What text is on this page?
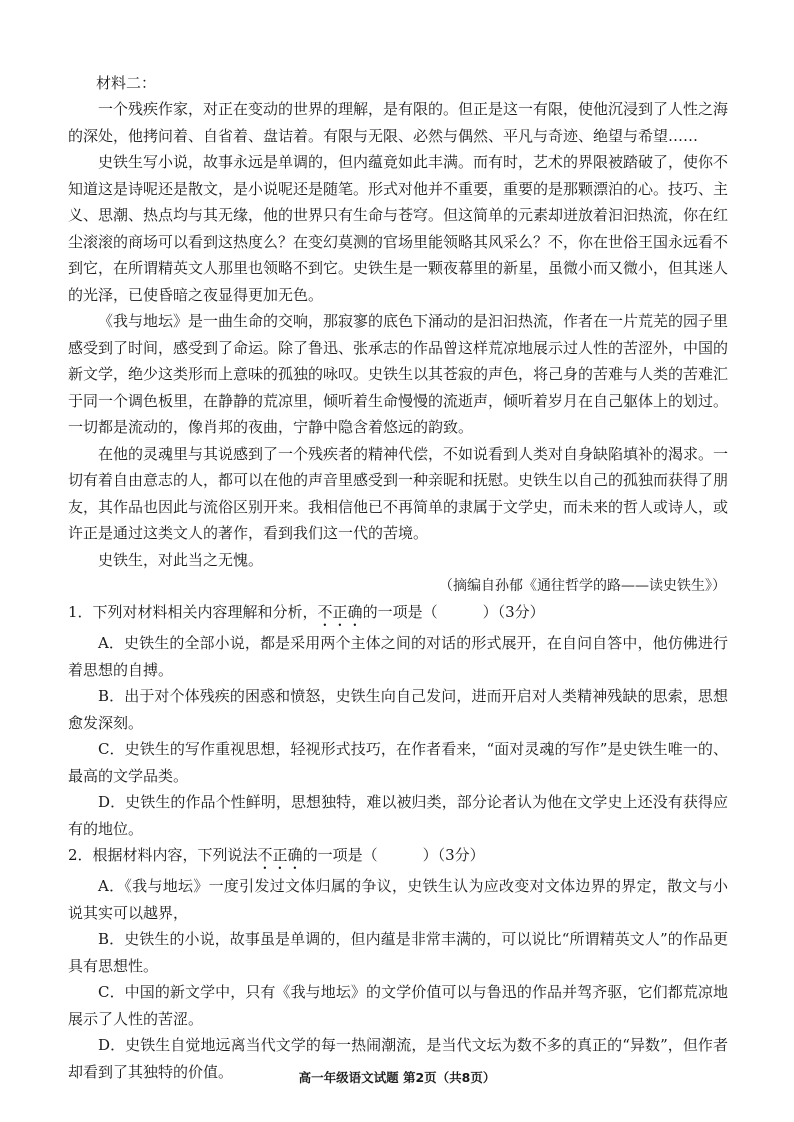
材料二：

一个残疾作家，对正在变动的世界的理解，是有限的。但正是这一有限，使他沉浸到了人性之海的深处，他拷问着、自省着、盘诘着。有限与无限、必然与偶然、平凡与奇迹、绝望与希望……

史铁生写小说，故事永远是单调的，但内蕴竟如此丰满。而有时，艺术的界限被踏破了，使你不知道这是诗呢还是散文，是小说呢还是随笔。形式对他并不重要，重要的是那颗漂泊的心。技巧、主义、思潮、热点均与其无缘，他的世界只有生命与苍穹。但这简单的元素却迸放着汩汩热流，你在红尘滚滚的商场可以看到这热度么？在变幻莫测的官场里能领略其风采么？不，你在世俗王国永远看不到它，在所谓精英文人那里也领略不到它。史铁生是一颗夜幕里的新星，虽微小而又微小，但其迷人的光泽，已使昏暗之夜显得更加无色。

《我与地坛》是一曲生命的交响，那寂寥的底色下涌动的是汩汩热流，作者在一片荒芜的园子里感受到了时间，感受到了命运。除了鲁迅、张承志的作品曾这样荒凉地展示过人性的苦涩外，中国的新文学，绝少这类形而上意味的孤独的咏叹。史铁生以其苍寂的声色，将己身的苦难与人类的苦难汇于同一个调色板里，在静静的荒凉里，倾听着生命慢慢的流逝声，倾听着岁月在自己躯体上的划过。一切都是流动的，像肖邦的夜曲，宁静中隐含着悠远的韵致。

在他的灵魂里与其说感到了一个残疾者的精神代偿，不如说看到人类对自身缺陷填补的渴求。一切有着自由意志的人，都可以在他的声音里感受到一种亲昵和抚慰。史铁生以自己的孤独而获得了朋友，其作品也因此与流俗区别开来。我相信他已不再简单的隶属于文学史，而未来的哲人或诗人，或许正是通过这类文人的著作，看到我们这一代的苦境。

史铁生，对此当之无愧。

（摘编自孙郁《通往哲学的路——读史铁生》）

1．下列对材料相关内容理解和分析，不正确的一项是（　　　）（3分）

A．史铁生的全部小说，都是采用两个主体之间的对话的形式展开，在自问自答中，他仿佛进行着思想的自搏。

B．出于对个体残疾的困惑和愤怒，史铁生向自己发问，进而开启对人类精神残缺的思索，思想愈发深刻。

C．史铁生的写作重视思想，轻视形式技巧，在作者看来，“面对灵魂的写作”是史铁生唯一的、最高的文学品类。

D．史铁生的作品个性鲜明，思想独特，难以被归类，部分论者认为他在文学史上还没有获得应有的地位。

2．根据材料内容，下列说法不正确的一项是（　　　）（3分）

A．《我与地坛》一度引发过文体归属的争议，史铁生认为应改变对文体边界的界定，散文与小说其实可以越界，

B．史铁生的小说，故事虽是单调的，但内蕴是非常丰满的，可以说比“所谓精英文人”的作品更具有思想性。

C．中国的新文学中，只有《我与地坛》的文学价值可以与鲁迅的作品并驾齐驱，它们都荒凉地展示了人性的苦涩。

D．史铁生自觉地远离当代文学的每一热闹潮流，是当代文坛为数不多的真正的“异数”，但作者却看到了其独特的价值。	高一年级语文试题 第2页（共8页）
